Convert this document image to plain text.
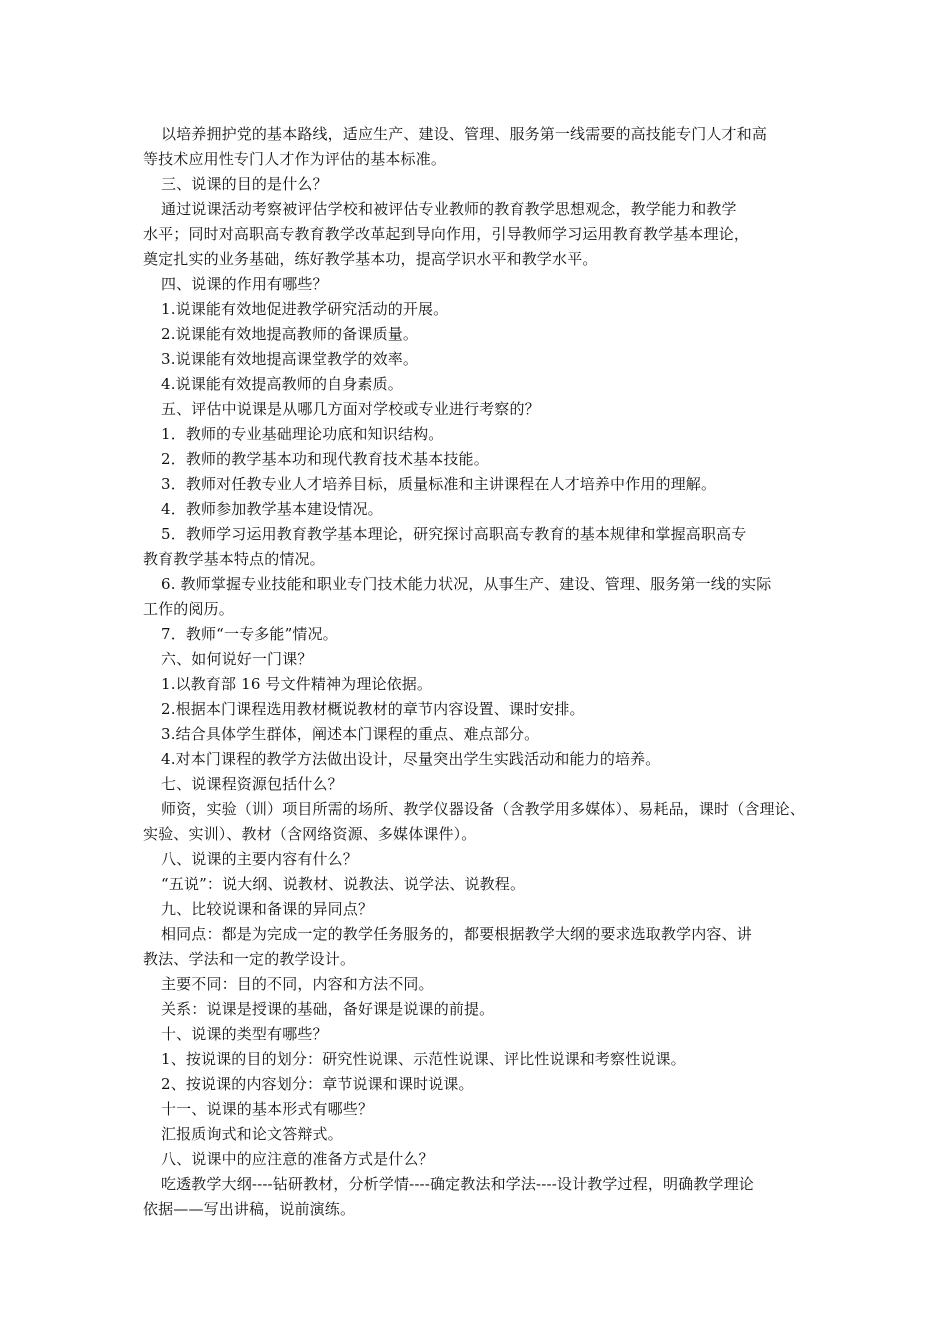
以培养拥护党的基本路线，适应生产、建设、管理、服务第一线需要的高技能专门人才和高

等技术应用性专门人才作为评估的基本标准。

三、说课的目的是什么？

通过说课活动考察被评估学校和被评估专业教师的教育教学思想观念，教学能力和教学

水平；同时对高职高专教育教学改革起到导向作用，引导教师学习运用教育教学基本理论，

奠定扎实的业务基础，练好教学基本功，提高学识水平和教学水平。

四、说课的作用有哪些？

1.说课能有效地促进教学研究活动的开展。

2.说课能有效地提高教师的备课质量。

3.说课能有效地提高课堂教学的效率。

4.说课能有效提高教师的自身素质。

五、评估中说课是从哪几方面对学校或专业进行考察的？

1．教师的专业基础理论功底和知识结构。

2．教师的教学基本功和现代教育技术基本技能。

3．教师对任教专业人才培养目标，质量标准和主讲课程在人才培养中作用的理解。

4．教师参加教学基本建设情况。

5．教师学习运用教育教学基本理论，研究探讨高职高专教育的基本规律和掌握高职高专

教育教学基本特点的情况。

6. 教师掌握专业技能和职业专门技术能力状况，从事生产、建设、管理、服务第一线的实际

工作的阅历。

7．教师“一专多能”情况。

六、如何说好一门课？

1.以教育部 16 号文件精神为理论依据。

2.根据本门课程选用教材概说教材的章节内容设置、课时安排。

3.结合具体学生群体，阐述本门课程的重点、难点部分。

4.对本门课程的教学方法做出设计，尽量突出学生实践活动和能力的培养。

七、说课程资源包括什么？

师资，实验（训）项目所需的场所、教学仪器设备（含教学用多媒体）、易耗品，课时（含理论、

实验、实训）、教材（含网络资源、多媒体课件）。

八、说课的主要内容有什么？

“五说”：说大纲、说教材、说教法、说学法、说教程。

九、比较说课和备课的异同点？

相同点：都是为完成一定的教学任务服务的，都要根据教学大纲的要求选取教学内容、讲

教法、学法和一定的教学设计。

主要不同：目的不同，内容和方法不同。

关系：说课是授课的基础，备好课是说课的前提。

十、说课的类型有哪些？

1、按说课的目的划分：研究性说课、示范性说课、评比性说课和考察性说课。

2、按说课的内容划分：章节说课和课时说课。

十一、说课的基本形式有哪些？

汇报质询式和论文答辩式。

八、说课中的应注意的准备方式是什么？

吃透教学大纲----钻研教材，分析学情----确定教法和学法----设计教学过程，明确教学理论

依据——写出讲稿，说前演练。
